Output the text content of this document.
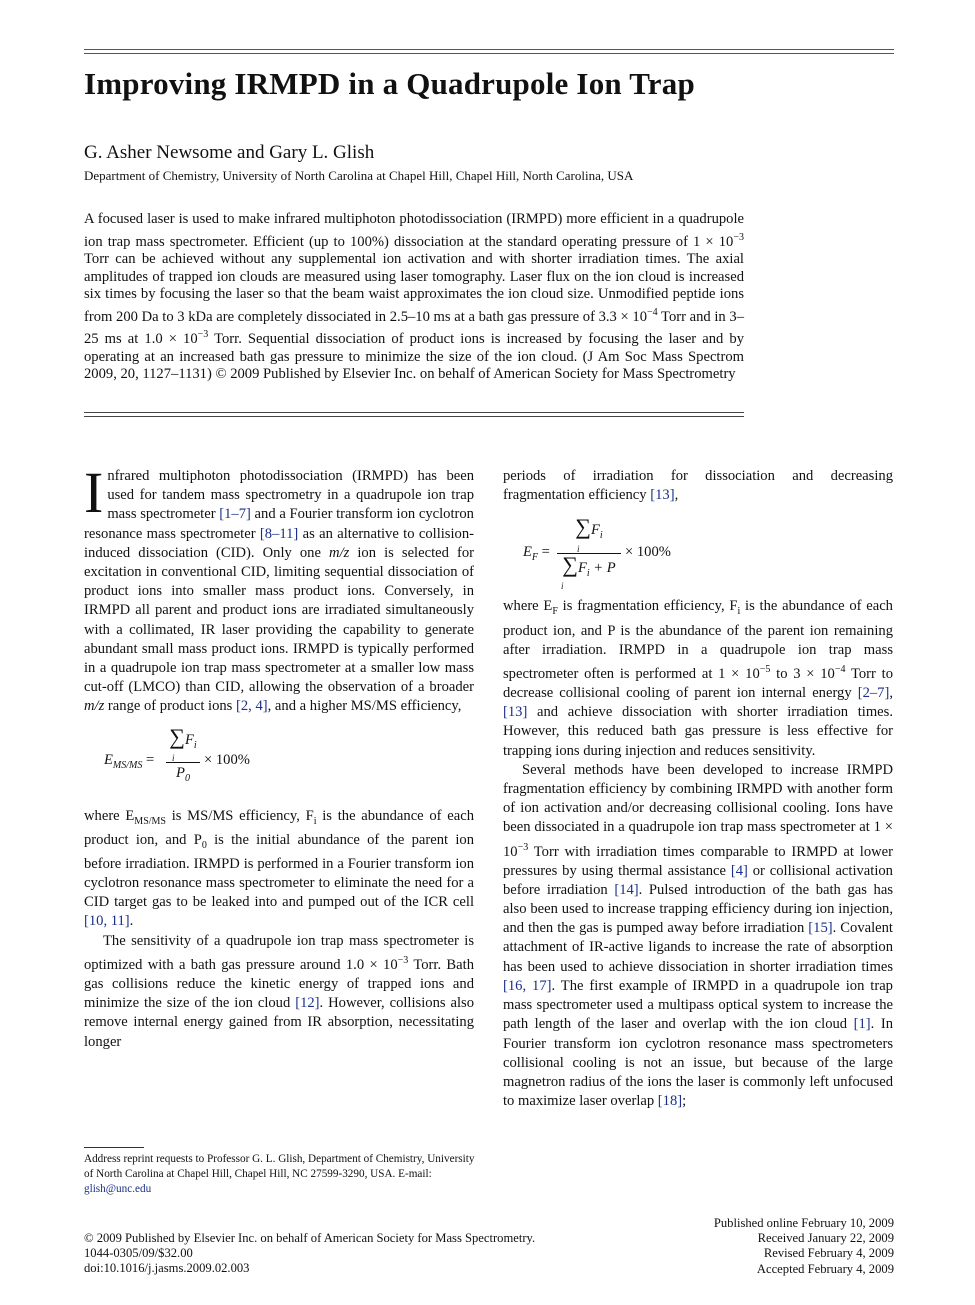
Improving IRMPD in a Quadrupole Ion Trap
G. Asher Newsome and Gary L. Glish
Department of Chemistry, University of North Carolina at Chapel Hill, Chapel Hill, North Carolina, USA

A focused laser is used to make infrared multiphoton photodissociation (IRMPD) more efficient in a quadrupole ion trap mass spectrometer. Efficient (up to 100%) dissociation at the standard operating pressure of $1 \times 10^{-3}$ Torr can be achieved without any supplemental ion activation and with shorter irradiation times. The axial amplitudes of trapped ion clouds are measured using laser tomography. Laser flux on the ion cloud is increased six times by focusing the laser so that the beam waist approximates the ion cloud size. Unmodified peptide ions from 200 Da to 3 kDa are completely dissociated in 2.5–10 ms at a bath gas pressure of $3.3 \times 10^{-4}$ Torr and in 3–25 ms at $1.0 \times 10^{-3}$ Torr. Sequential dissociation of product ions is increased by focusing the laser and by operating at an increased bath gas pressure to minimize the size of the ion cloud. (J Am Soc Mass Spectrom 2009, 20, 1127–1131) © 2009 Published by Elsevier Inc. on behalf of American Society for Mass Spectrometry

Infrared multiphoton photodissociation (IRMPD) has been used for tandem mass spectrometry in a quadrupole ion trap mass spectrometer [1–7] and a Fourier transform ion cyclotron resonance mass spectrometer [8–11] as an alternative to collision-induced dissociation (CID). Only one m/z ion is selected for excitation in conventional CID, limiting sequential dissociation of product ions into smaller mass product ions. Conversely, in IRMPD all parent and product ions are irradiated simultaneously with a collimated, IR laser providing the capability to generate abundant small mass product ions. IRMPD is typically performed in a quadrupole ion trap mass spectrometer at a smaller low mass cut-off (LMCO) than CID, allowing the observation of a broader m/z range of product ions [2, 4], and a higher MS/MS efficiency,

$E_{MS/MS}$ =
$\sum F_i$
i
$P_0$
× 100%

where $E_{MS/MS}$ is MS/MS efficiency, $F_i$ is the abundance of each product ion, and $P_0$ is the initial abundance of the parent ion before irradiation. IRMPD is performed in a Fourier transform ion cyclotron resonance mass spectrometer to eliminate the need for a CID target gas to be leaked into and pumped out of the ICR cell [10, 11].

The sensitivity of a quadrupole ion trap mass spectrometer is optimized with a bath gas pressure around $1.0 \times 10^{-3}$ Torr. Bath gas collisions reduce the kinetic energy of trapped ions and minimize the size of the ion cloud [12]. However, collisions also remove internal energy gained from IR absorption, necessitating longer

periods of irradiation for dissociation and decreasing fragmentation efficiency [13],

$E_F$ =
$\sum F_i$
i
$\sum F_i + P$
i
× 100%

where $E_F$ is fragmentation efficiency, $F_i$ is the abundance of each product ion, and P is the abundance of the parent ion remaining after irradiation. IRMPD in a quadrupole ion trap mass spectrometer often is performed at $1 \times 10^{-5}$ to $3 \times 10^{-4}$ Torr to decrease collisional cooling of parent ion internal energy [2–7], [13] and achieve dissociation with shorter irradiation times. However, this reduced bath gas pressure is less effective for trapping ions during injection and reduces sensitivity.

Several methods have been developed to increase IRMPD fragmentation efficiency by combining IRMPD with another form of ion activation and/or decreasing collisional cooling. Ions have been dissociated in a quadrupole ion trap mass spectrometer at $1 \times 10^{-3}$ Torr with irradiation times comparable to IRMPD at lower pressures by using thermal assistance [4] or collisional activation before irradiation [14]. Pulsed introduction of the bath gas has also been used to increase trapping efficiency during ion injection, and then the gas is pumped away before irradiation [15]. Covalent attachment of IR-active ligands to increase the rate of absorption has been used to achieve dissociation in shorter irradiation times [16, 17]. The first example of IRMPD in a quadrupole ion trap mass spectrometer used a multipass optical system to increase the path length of the laser and overlap with the ion cloud [1]. In Fourier transform ion cyclotron resonance mass spectrometers collisional cooling is not an issue, but because of the large magnetron radius of the ions the laser is commonly left unfocused to maximize laser overlap [18];

Address reprint requests to Professor G. L. Glish, Department of Chemistry, University of North Carolina at Chapel Hill, Chapel Hill, NC 27599-3290, USA. E-mail: glish@unc.edu

© 2009 Published by Elsevier Inc. on behalf of American Society for Mass Spectrometry.
1044-0305/09/$32.00
doi:10.1016/j.jasms.2009.02.003
Published online February 10, 2009
Received January 22, 2009
Revised February 4, 2009
Accepted February 4, 2009
